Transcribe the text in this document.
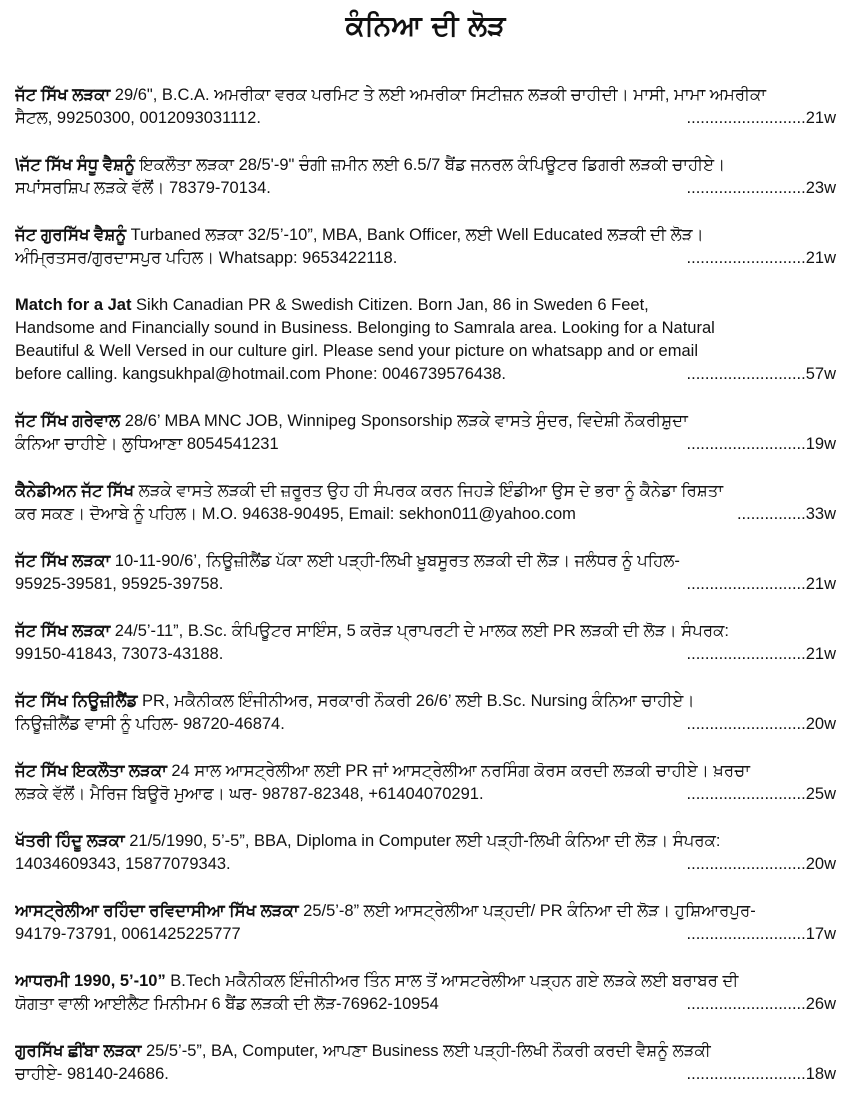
ਕੰਨਿਆ ਦੀ ਲੋੜ
ਜੱਟ ਸਿੱਖ ਲੜਕਾ 29/6", B.C.A. ਅਮਰੀਕਾ ਵਰਕ ਪਰਮਿਟ ਤੇ ਲਈ ਅਮਰੀਕਾ ਸਿਟੀਜ਼ਨ ਲੜਕੀ ਚਾਹੀਦੀ। ਮਾਸੀ, ਮਾਮਾ ਅਮਰੀਕਾ
ਸੈਟਲ, 99250300, 0012093031112.	..........................21w
\ਜੱਟ ਸਿੱਖ ਸੰਧੂ ਵੈਸ਼ਨੂੰ ਇਕਲੌਤਾ ਲੜਕਾ 28/5'-9" ਚੰਗੀ ਜ਼ਮੀਨ ਲਈ 6.5/7 ਬੈਂਡ ਜਨਰਲ ਕੰਪਿਊਟਰ ਡਿਗਰੀ ਲੜਕੀ ਚਾਹੀਏ।
ਸਪਾਂਸਰਸ਼ਿਪ ਲੜਕੇ ਵੱਲੋਂ। 78379-70134.	..........................23w
ਜੱਟ ਗੁਰਸਿੱਖ ਵੈਸ਼ਨੂੰ Turbaned ਲੜਕਾ 32/5’-10”, MBA, Bank Officer, ਲਈ Well Educated ਲੜਕੀ ਦੀ ਲੋੜ।
ਅੰਮ੍ਰਿਤਸਰ/ਗੁਰਦਾਸਪੁਰ ਪਹਿਲ। Whatsapp: 9653422118.	..........................21w

Match for a Jat Sikh Canadian PR & Swedish Citizen. Born Jan, 86 in Sweden 6 Feet,

Handsome and Financially sound in Business. Belonging to Samrala area. Looking for a Natural

Beautiful & Well Versed in our culture girl. Please send your picture on whatsapp and or email

before calling. kangsukhpal@hotmail.com Phone: 0046739576438.	..........................57w
ਜੱਟ ਸਿੱਖ ਗਰੇਵਾਲ 28/6’ MBA MNC JOB, Winnipeg Sponsorship ਲੜਕੇ ਵਾਸਤੇ ਸੁੰਦਰ, ਵਿਦੇਸ਼ੀ ਨੌਕਰੀਸ਼ੁਦਾ
ਕੰਨਿਆ ਚਾਹੀਏ। ਲੁਧਿਆਣਾ 8054541231	..........................19w
ਕੈਨੇਡੀਅਨ ਜੱਟ ਸਿੱਖ ਲੜਕੇ ਵਾਸਤੇ ਲੜਕੀ ਦੀ ਜ਼ਰੂਰਤ ਉਹ ਹੀ ਸੰਪਰਕ ਕਰਨ ਜਿਹੜੇ ਇੰਡੀਆ ਉਸ ਦੇ ਭਰਾ ਨੂੰ ਕੈਨੇਡਾ ਰਿਸ਼ਤਾ
ਕਰ ਸਕਣ। ਦੋਆਬੇ ਨੂੰ ਪਹਿਲ। M.O. 94638-90495, Email: sekhon011@yahoo.com	...............33w
ਜੱਟ ਸਿੱਖ ਲੜਕਾ 10-11-90/6’, ਨਿਊਜ਼ੀਲੈਂਡ ਪੱਕਾ ਲਈ ਪੜ੍ਹੀ-ਲਿਖੀ ਖ਼ੂਬਸੂਰਤ ਲੜਕੀ ਦੀ ਲੋੜ। ਜਲੰਧਰ ਨੂੰ ਪਹਿਲ-
95925-39581, 95925-39758.	..........................21w
ਜੱਟ ਸਿੱਖ ਲੜਕਾ 24/5’-11”, B.Sc. ਕੰਪਿਊਟਰ ਸਾਇੰਸ, 5 ਕਰੋੜ ਪ੍ਰਾਪਰਟੀ ਦੇ ਮਾਲਕ ਲਈ PR ਲੜਕੀ ਦੀ ਲੋੜ। ਸੰਪਰਕ:
99150-41843, 73073-43188.	..........................21w
ਜੱਟ ਸਿੱਖ ਨਿਊਜ਼ੀਲੈਂਡ PR, ਮਕੈਨੀਕਲ ਇੰਜੀਨੀਅਰ, ਸਰਕਾਰੀ ਨੌਕਰੀ 26/6’ ਲਈ B.Sc. Nursing ਕੰਨਿਆ ਚਾਹੀਏ।
ਨਿਊਜ਼ੀਲੈਂਡ ਵਾਸੀ ਨੂੰ ਪਹਿਲ- 98720-46874.	..........................20w
ਜੱਟ ਸਿੱਖ ਇਕਲੌਤਾ ਲੜਕਾ 24 ਸਾਲ ਆਸਟ੍ਰੇਲੀਆ ਲਈ PR ਜਾਂ ਆਸਟ੍ਰੇਲੀਆ ਨਰਸਿੰਗ ਕੋਰਸ ਕਰਦੀ ਲੜਕੀ ਚਾਹੀਏ। ਖ਼ਰਚਾ
ਲੜਕੇ ਵੱਲੋਂ। ਮੈਰਿਜ ਬਿਊਰੋ ਮੁਆਫ। ਘਰ- 98787-82348, +61404070291.	..........................25w
ਖੱਤਰੀ ਹਿੰਦੂ ਲੜਕਾ 21/5/1990, 5’-5”, BBA, Diploma in Computer ਲਈ ਪੜ੍ਹੀ-ਲਿਖੀ ਕੰਨਿਆ ਦੀ ਲੋੜ। ਸੰਪਰਕ:
14034609343, 15877079343.	..........................20w
ਆਸਟ੍ਰੇਲੀਆ ਰਹਿੰਦਾ ਰਵਿਦਾਸੀਆ ਸਿੱਖ ਲੜਕਾ 25/5’-8” ਲਈ ਆਸਟ੍ਰੇਲੀਆ ਪੜ੍ਹਦੀ/ PR ਕੰਨਿਆ ਦੀ ਲੋੜ। ਹੁਸ਼ਿਆਰਪੁਰ-
94179-73791, 0061425225777	..........................17w
ਆਧਰਮੀ 1990, 5’-10” B.Tech ਮਕੈਨੀਕਲ ਇੰਜੀਨੀਅਰ ਤਿੰਨ ਸਾਲ ਤੋਂ ਆਸਟਰੇਲੀਆ ਪੜ੍ਹਨ ਗਏ ਲੜਕੇ ਲਈ ਬਰਾਬਰ ਦੀ
ਯੋਗਤਾ ਵਾਲੀ ਆਈਲੈਟ ਮਿਨੀਮਮ 6 ਬੈਂਡ ਲੜਕੀ ਦੀ ਲੋੜ-76962-10954	..........................26w
ਗੁਰਸਿੱਖ ਛੀਂਬਾ ਲੜਕਾ 25/5’-5”, BA, Computer, ਆਪਣਾ Business ਲਈ ਪੜ੍ਹੀ-ਲਿਖੀ ਨੌਕਰੀ ਕਰਦੀ ਵੈਸ਼ਨੂੰ ਲੜਕੀ
ਚਾਹੀਏ- 98140-24686.	..........................18w
